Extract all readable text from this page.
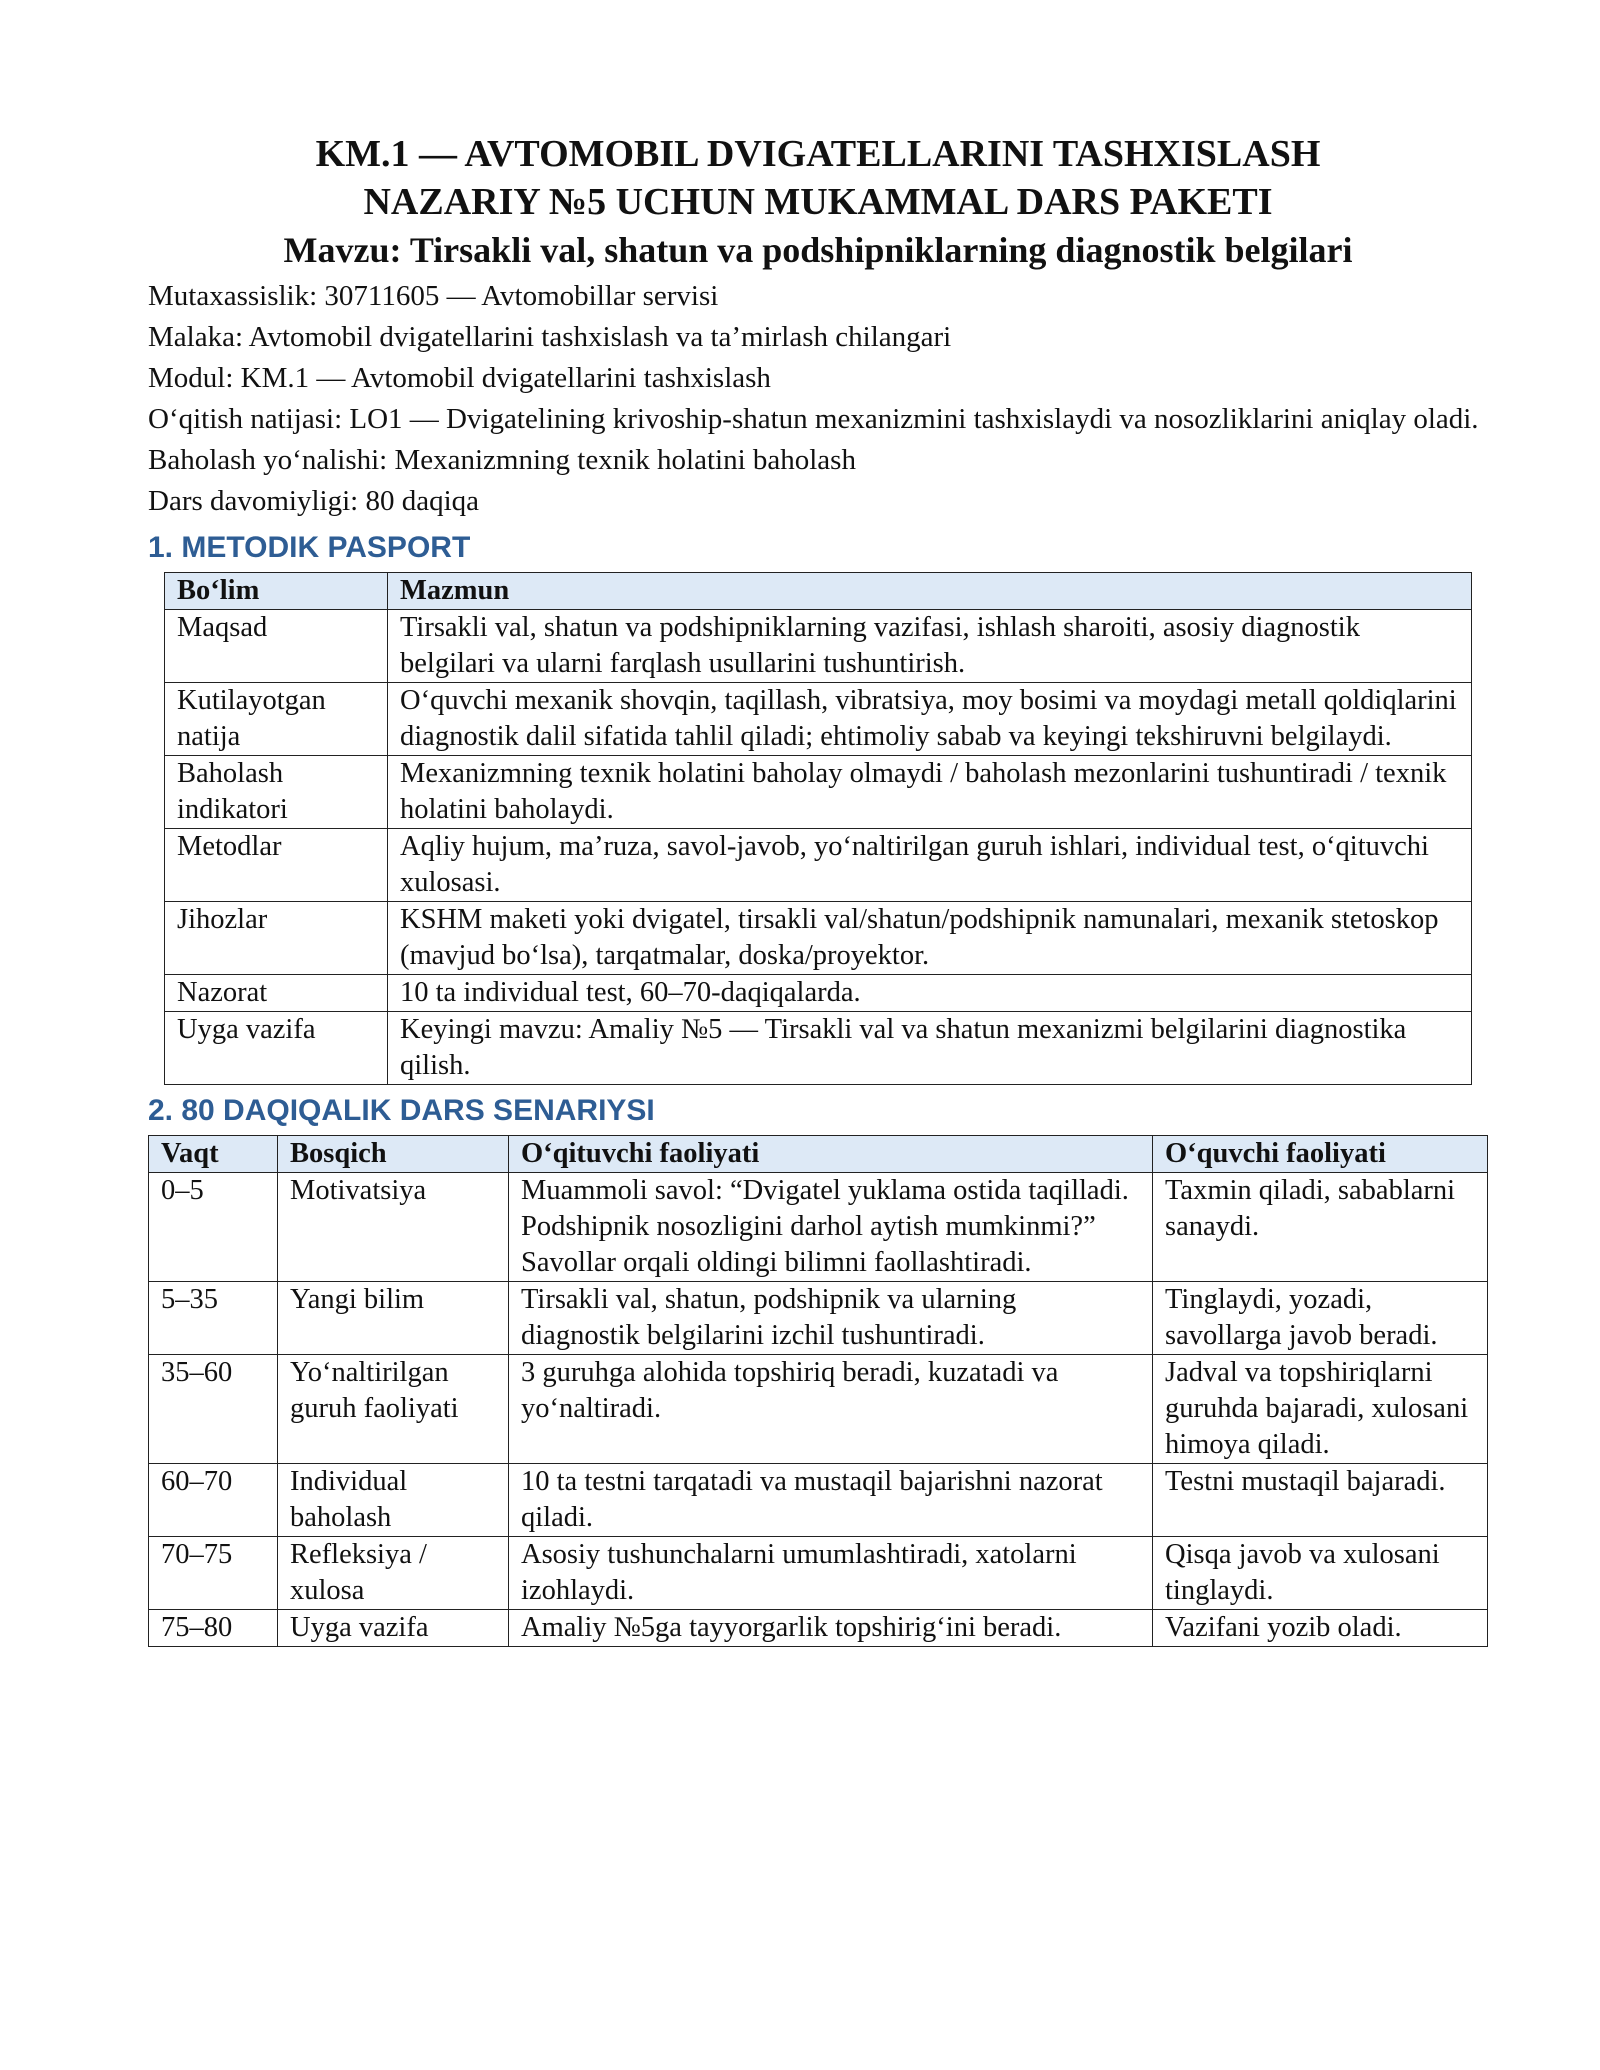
KM.1 — AVTOMOBIL DVIGATELLARINI TASHXISLASH
NAZARIY №5 UCHUN MUKAMMAL DARS PAKETI
Mavzu: Tirsakli val, shatun va podshipniklarning diagnostik belgilari

Mutaxassislik: 30711605 — Avtomobillar servisi

Malaka: Avtomobil dvigatellarini tashxislash va ta’mirlash chilangari

Modul: KM.1 — Avtomobil dvigatellarini tashxislash

O‘qitish natijasi: LO1 — Dvigatelining krivoship-shatun mexanizmini tashxislaydi va nosozliklarini aniqlay oladi.

Baholash yo‘nalishi: Mexanizmning texnik holatini baholash

Dars davomiyligi: 80 daqiqa

1. METODIK PASPORT
Bo‘lim	Mazmun
Maqsad	Tirsakli val, shatun va podshipniklarning vazifasi, ishlash sharoiti, asosiy diagnostik belgilari va ularni farqlash usullarini tushuntirish.
Kutilayotgan natija	O‘quvchi mexanik shovqin, taqillash, vibratsiya, moy bosimi va moydagi metall qoldiqlarini diagnostik dalil sifatida tahlil qiladi; ehtimoliy sabab va keyingi tekshiruvni belgilaydi.
Baholash indikatori	Mexanizmning texnik holatini baholay olmaydi / baholash mezonlarini tushuntiradi / texnik holatini baholaydi.
Metodlar	Aqliy hujum, ma’ruza, savol-javob, yo‘naltirilgan guruh ishlari, individual test, o‘qituvchi xulosasi.
Jihozlar	KSHM maketi yoki dvigatel, tirsakli val/shatun/podshipnik namunalari, mexanik stetoskop (mavjud bo‘lsa), tarqatmalar, doska/proyektor.
Nazorat	10 ta individual test, 60–70-daqiqalarda.
Uyga vazifa	Keyingi mavzu: Amaliy №5 — Tirsakli val va shatun mexanizmi belgilarini diagnostika qilish.
2. 80 DAQIQALIK DARS SENARIYSI
Vaqt	Bosqich	O‘qituvchi faoliyati	O‘quvchi faoliyati
0–5	Motivatsiya	Muammoli savol: “Dvigatel yuklama ostida taqilladi. Podshipnik nosozligini darhol aytish mumkinmi?” Savollar orqali oldingi bilimni faollashtiradi.	Taxmin qiladi, sabablarni sanaydi.
5–35	Yangi bilim	Tirsakli val, shatun, podshipnik va ularning diagnostik belgilarini izchil tushuntiradi.	Tinglaydi, yozadi, savollarga javob beradi.
35–60	Yo‘naltirilgan guruh faoliyati	3 guruhga alohida topshiriq beradi, kuzatadi va yo‘naltiradi.	Jadval va topshiriqlarni guruhda bajaradi, xulosani himoya qiladi.
60–70	Individual baholash	10 ta testni tarqatadi va mustaqil bajarishni nazorat qiladi.	Testni mustaqil bajaradi.
70–75	Refleksiya / xulosa	Asosiy tushunchalarni umumlashtiradi, xatolarni izohlaydi.	Qisqa javob va xulosani tinglaydi.
75–80	Uyga vazifa	Amaliy №5ga tayyorgarlik topshirig‘ini beradi.	Vazifani yozib oladi.
